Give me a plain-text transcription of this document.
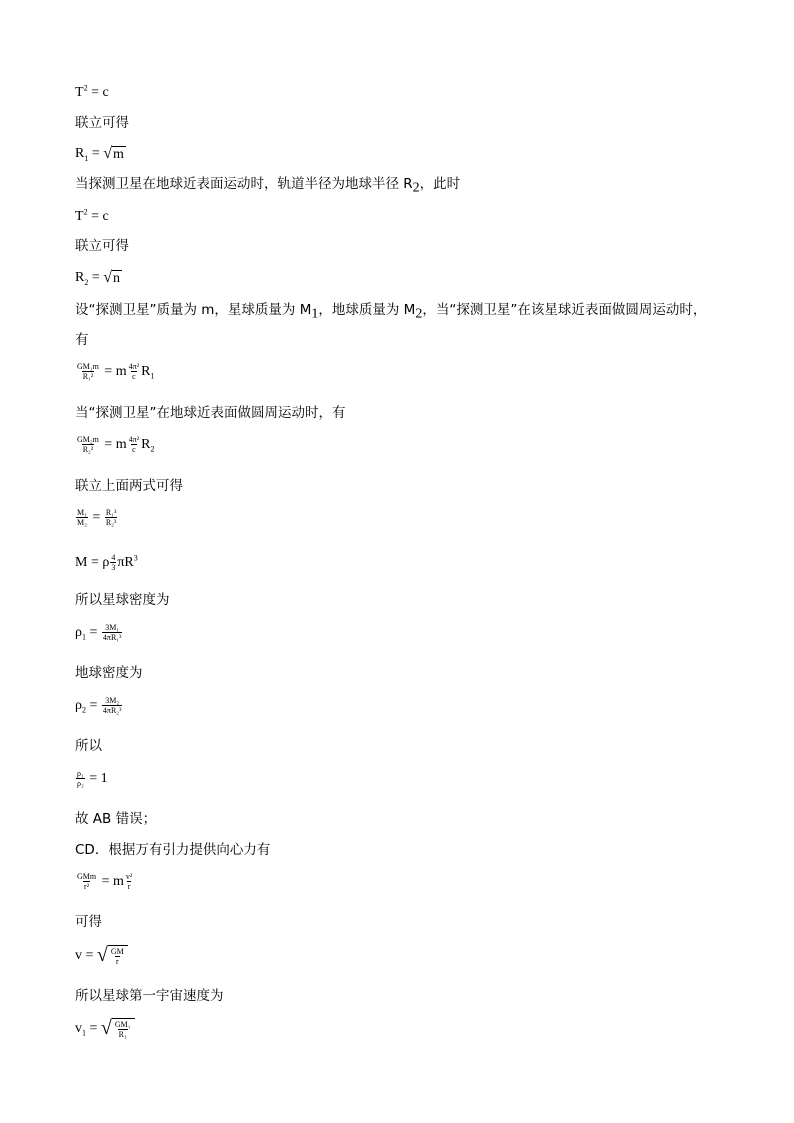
$T^2 = c$
联立可得
$R_1$ = √ m
当探测卫星在地球近表面运动时，轨道半径为地球半径 $R_2$，此时
$T^2 = c$
联立可得
$R_2$ = √ n
设“探测卫星”质量为 m，星球质量为 $M_1$，地球质量为 $M_2$，当“探测卫星”在该星球近表面做圆周运动时，
有
$\frac{\text{GM₁m}}{\text{R₁²}} = m \frac{\text{4π²}}{c} R_1$
当“探测卫星”在地球近表面做圆周运动时，有
$\frac{\text{GM₂m}}{\text{R₂²}} = m \frac{\text{4π²}}{c} R_2$
联立上面两式可得
$\frac{\text{M₁}}{\text{M₂}} = \frac{\text{R₁³}}{\text{R₂³}}$
M = ρ $\frac{4}{3} \pi R^3$
所以星球密度为
$\rho_1 = \frac{\text{3M₁}}{\text{4πR₁³}}$
地球密度为
$\rho_2 = \frac{\text{3M₂}}{\text{4πR₂³}}$
所以
$\frac{\text{ρ₁}}{\text{ρ₂}} = 1$
故 AB 错误；
CD．根据万有引力提供向心力有
$\frac{\text{GMm}}{\text{r²}} = m \frac{\text{v²}}{r}$
可得
v = √ $\frac{GM}{r}$
所以星球第一宇宙速度为
$v_1$ = √ $\frac{\text{GM₁}}{\text{R₁}}$
